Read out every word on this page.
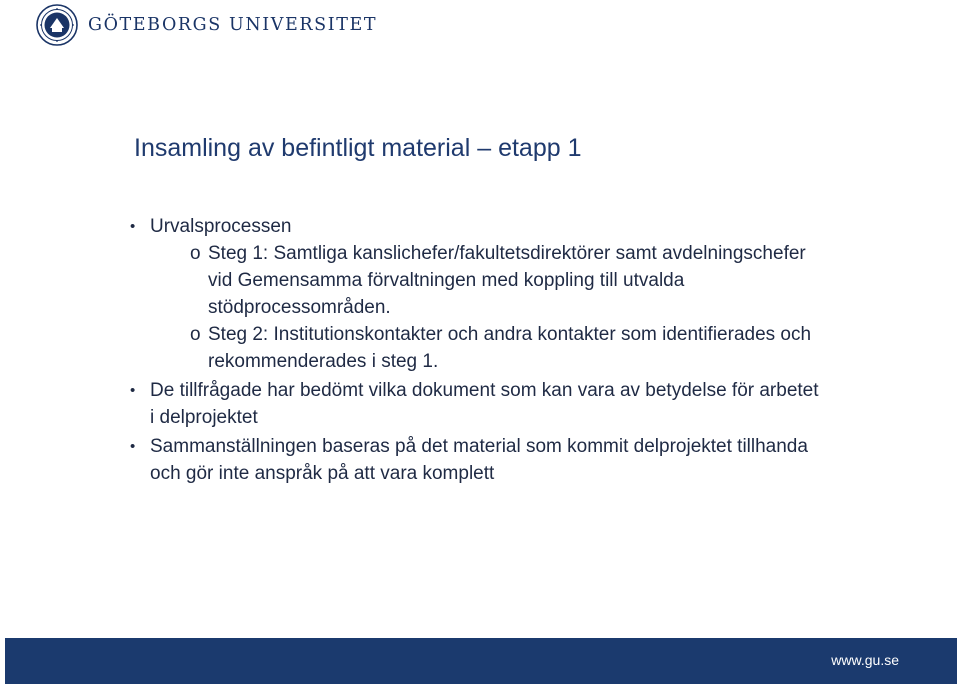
GÖTEBORGS UNIVERSITET
Insamling av befintligt material – etapp 1
• Urvalsprocessen
o Steg 1: Samtliga kanslichefer/fakultetsdirektörer samt avdelningschefer vid Gemensamma förvaltningen med koppling till utvalda stödprocessområden.
o Steg 2: Institutionskontakter och andra kontakter som identifierades och rekommenderades i steg 1.
• De tillfrågade har bedömt vilka dokument som kan vara av betydelse för arbetet i delprojektet
• Sammanställningen baseras på det material som kommit delprojektet tillhanda och gör inte anspråk på att vara komplett
www.gu.se
